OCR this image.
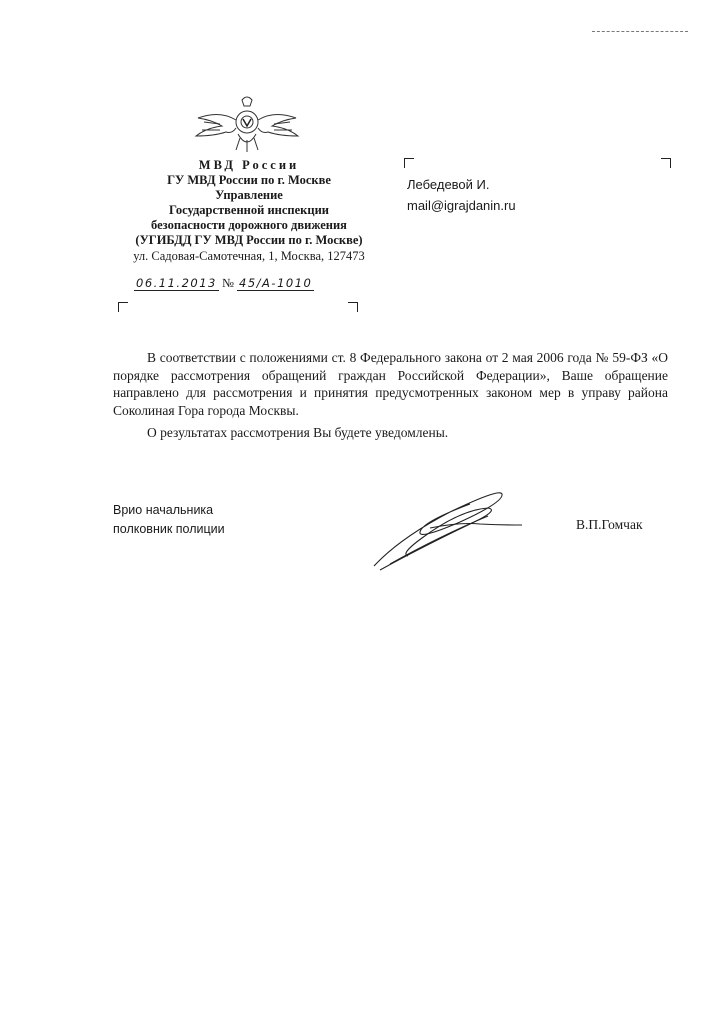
МВД России
ГУ МВД России по г. Москве
Управление
Государственной инспекции
безопасности дорожного движения
(УГИБДД ГУ МВД России по г. Москве)
ул. Садовая-Самотечная, 1, Москва, 127473
06.11.2013 № 45/А-1010
Лебедевой И.
mail@igrajdanin.ru

В соответствии с положениями ст. 8 Федерального закона от 2 мая 2006 года № 59-ФЗ «О порядке рассмотрения обращений граждан Российской Федерации», Ваше обращение направлено для рассмотрения и принятия предусмотренных законом мер в управу района Соколиная Гора города Москвы.

О результатах рассмотрения Вы будете уведомлены.

Врио начальника
полковник полиции	В.П.Гомчак
